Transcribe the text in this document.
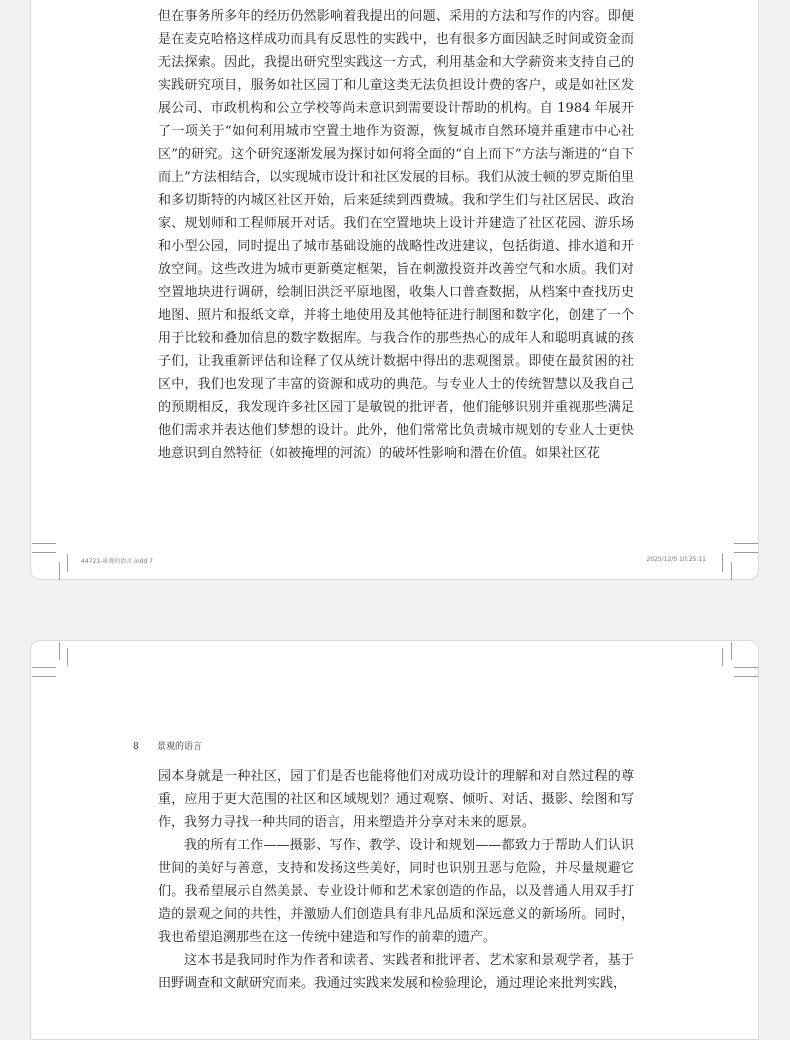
但在事务所多年的经历仍然影响着我提出的问题、采用的方法和写作的内容。即便是在麦克哈格这样成功而具有反思性的实践中，也有很多方面因缺乏时间或资金而无法探索。因此，我提出研究型实践这一方式，利用基金和大学薪资来支持自己的实践研究项目，服务如社区园丁和儿童这类无法负担设计费的客户，或是如社区发展公司、市政机构和公立学校等尚未意识到需要设计帮助的机构。自 1984 年展开了一项关于“如何利用城市空置土地作为资源，恢复城市自然环境并重建市中心社区”的研究。这个研究逐渐发展为探讨如何将全面的“自上而下”方法与渐进的“自下而上”方法相结合，以实现城市设计和社区发展的目标。我们从波士顿的罗克斯伯里和多切斯特的内城区社区开始，后来延续到西费城。我和学生们与社区居民、政治家、规划师和工程师展开对话。我们在空置地块上设计并建造了社区花园、游乐场和小型公园，同时提出了城市基础设施的战略性改进建议，包括街道、排水道和开放空间。这些改进为城市更新奠定框架，旨在刺激投资并改善空气和水质。我们对空置地块进行调研，绘制旧洪泛平原地图，收集人口普查数据，从档案中查找历史地图、照片和报纸文章，并将土地使用及其他特征进行制图和数字化，创建了一个用于比较和叠加信息的数字数据库。与我合作的那些热心的成年人和聪明真诚的孩子们，让我重新评估和诠释了仅从统计数据中得出的悲观图景。即使在最贫困的社区中，我们也发现了丰富的资源和成功的典范。与专业人士的传统智慧以及我自己的预期相反，我发现许多社区园丁是敏锐的批评者，他们能够识别并重视那些满足他们需求并表达他们梦想的设计。此外，他们常常比负责城市规划的专业人士更快地意识到自然特征（如被掩埋的河流）的破坏性影响和潜在价值。如果社区花

44723-景观的语言.indd 7	2025/12/5 10:25:11
8 景观的语言

园本身就是一种社区，园丁们是否也能将他们对成功设计的理解和对自然过程的尊重，应用于更大范围的社区和区域规划？通过观察、倾听、对话、摄影、绘图和写作，我努力寻找一种共同的语言，用来塑造并分享对未来的愿景。

我的所有工作——摄影、写作、教学、设计和规划——都致力于帮助人们认识世间的美好与善意，支持和发扬这些美好，同时也识别丑恶与危险，并尽量规避它们。我希望展示自然美景、专业设计师和艺术家创造的作品，以及普通人用双手打造的景观之间的共性，并激励人们创造具有非凡品质和深远意义的新场所。同时，我也希望追溯那些在这一传统中建造和写作的前辈的遗产。

这本书是我同时作为作者和读者、实践者和批评者、艺术家和景观学者，基于田野调查和文献研究而来。我通过实践来发展和检验理论，通过理论来批判实践，
